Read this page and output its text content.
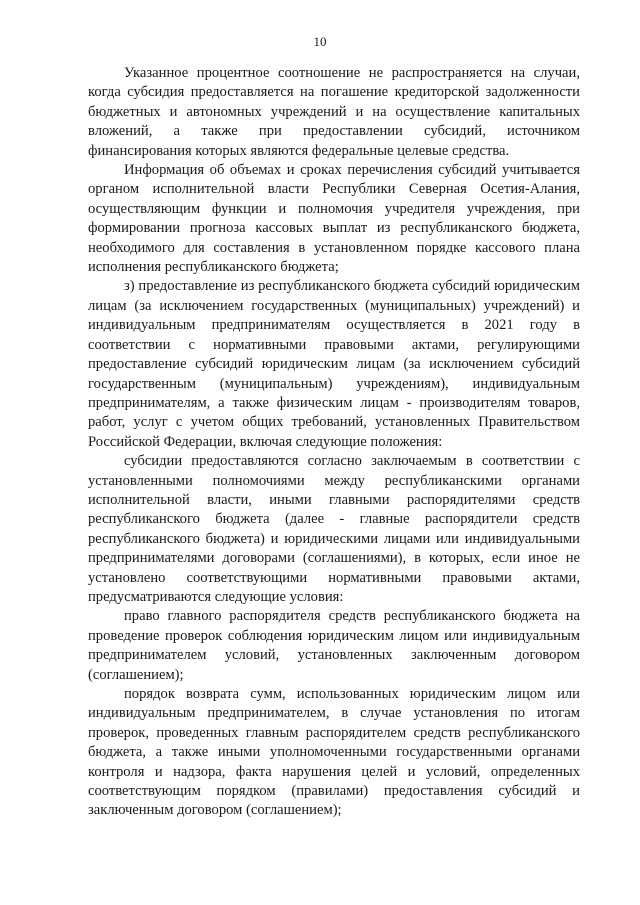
10

Указанное процентное соотношение не распространяется на случаи, когда субсидия предоставляется на погашение кредиторской задолженности бюджетных и автономных учреждений и на осуществление капитальных вложений, а также при предоставлении субсидий, источником финансирования которых являются федеральные целевые средства.

Информация об объемах и сроках перечисления субсидий учитывается органом исполнительной власти Республики Северная Осетия-Алания, осуществляющим функции и полномочия учредителя учреждения, при формировании прогноза кассовых выплат из республиканского бюджета, необходимого для составления в установленном порядке кассового плана исполнения республиканского бюджета;

з) предоставление из республиканского бюджета субсидий юридическим лицам (за исключением государственных (муниципальных) учреждений) и индивидуальным предпринимателям осуществляется в 2021 году в соответствии с нормативными правовыми актами, регулирующими предоставление субсидий юридическим лицам (за исключением субсидий государственным (муниципальным) учреждениям), индивидуальным предпринимателям, а также физическим лицам - производителям товаров, работ, услуг с учетом общих требований, установленных Правительством Российской Федерации, включая следующие положения:

субсидии предоставляются согласно заключаемым в соответствии с установленными полномочиями между республиканскими органами исполнительной власти, иными главными распорядителями средств республиканского бюджета (далее - главные распорядители средств республиканского бюджета) и юридическими лицами или индивидуальными предпринимателями договорами (соглашениями), в которых, если иное не установлено соответствующими нормативными правовыми актами, предусматриваются следующие условия:

право главного распорядителя средств республиканского бюджета на проведение проверок соблюдения юридическим лицом или индивидуальным предпринимателем условий, установленных заключенным договором (соглашением);

порядок возврата сумм, использованных юридическим лицом или индивидуальным предпринимателем, в случае установления по итогам проверок, проведенных главным распорядителем средств республиканского бюджета, а также иными уполномоченными государственными органами контроля и надзора, факта нарушения целей и условий, определенных соответствующим порядком (правилами) предоставления субсидий и заключенным договором (соглашением);
